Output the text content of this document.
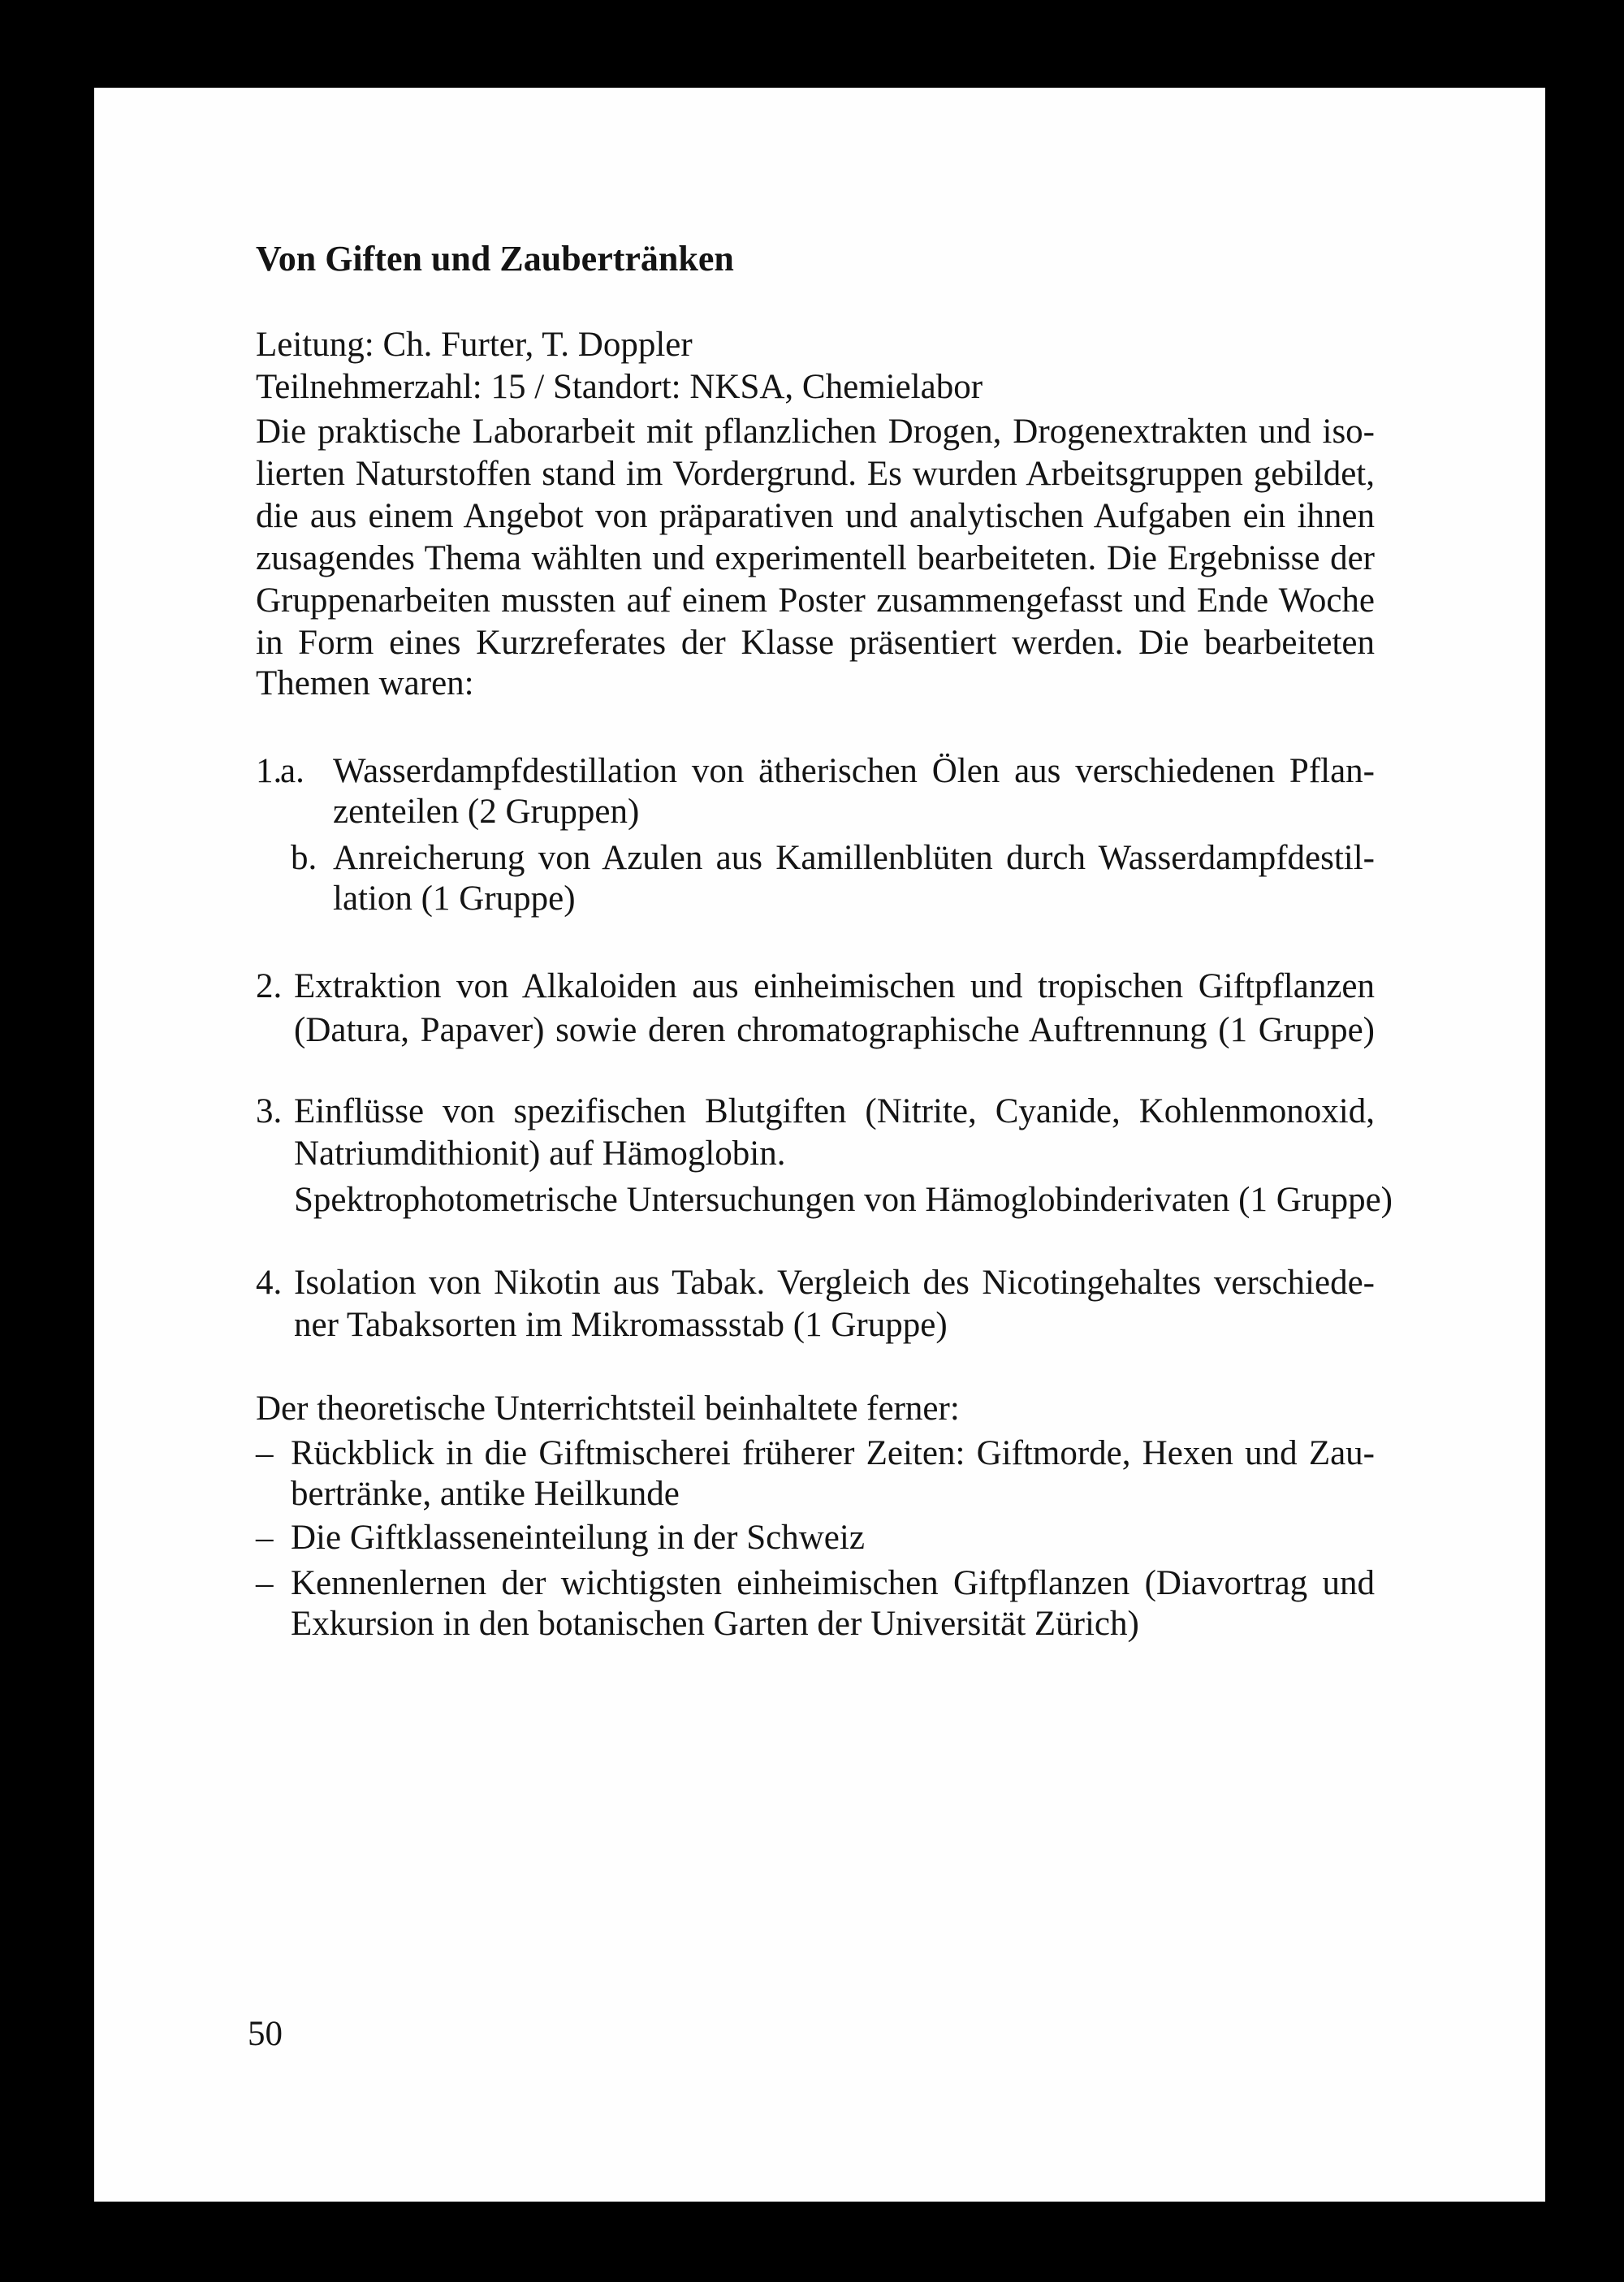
Von Giften und Zaubertränken
Leitung: Ch. Furter, T. Doppler
Teilnehmerzahl: 15 / Standort: NKSA, Chemielabor
Die praktische Laborarbeit mit pflanzlichen Drogen, Drogenextrakten und iso-
lierten Naturstoffen stand im Vordergrund. Es wurden Arbeitsgruppen gebildet,
die aus einem Angebot von präparativen und analytischen Aufgaben ein ihnen
zusagendes Thema wählten und experimentell bearbeiteten. Die Ergebnisse der
Gruppenarbeiten mussten auf einem Poster zusammengefasst und Ende Woche
in Form eines Kurzreferates der Klasse präsentiert werden. Die bearbeiteten
Themen waren:
1.
a. Wasserdampfdestillation von ätherischen Ölen aus verschiedenen Pflan-
zenteilen (2 Gruppen)
b. Anreicherung von Azulen aus Kamillenblüten durch Wasserdampfdestil-
lation (1 Gruppe)
2. Extraktion von Alkaloiden aus einheimischen und tropischen Giftpflanzen
(Datura, Papaver) sowie deren chromatographische Auftrennung (1 Gruppe)
3. Einflüsse von spezifischen Blutgiften (Nitrite, Cyanide, Kohlenmonoxid,
Natriumdithionit) auf Hämoglobin.
Spektrophotometrische Untersuchungen von Hämoglobinderivaten (1 Gruppe)
4. Isolation von Nikotin aus Tabak. Vergleich des Nicotingehaltes verschiede-
ner Tabaksorten im Mikromassstab (1 Gruppe)
Der theoretische Unterrichtsteil beinhaltete ferner:
– Rückblick in die Giftmischerei früherer Zeiten: Giftmorde, Hexen und Zau-
bertränke, antike Heilkunde
– Die Giftklasseneinteilung in der Schweiz
– Kennenlernen der wichtigsten einheimischen Giftpflanzen (Diavortrag und
Exkursion in den botanischen Garten der Universität Zürich)
50
